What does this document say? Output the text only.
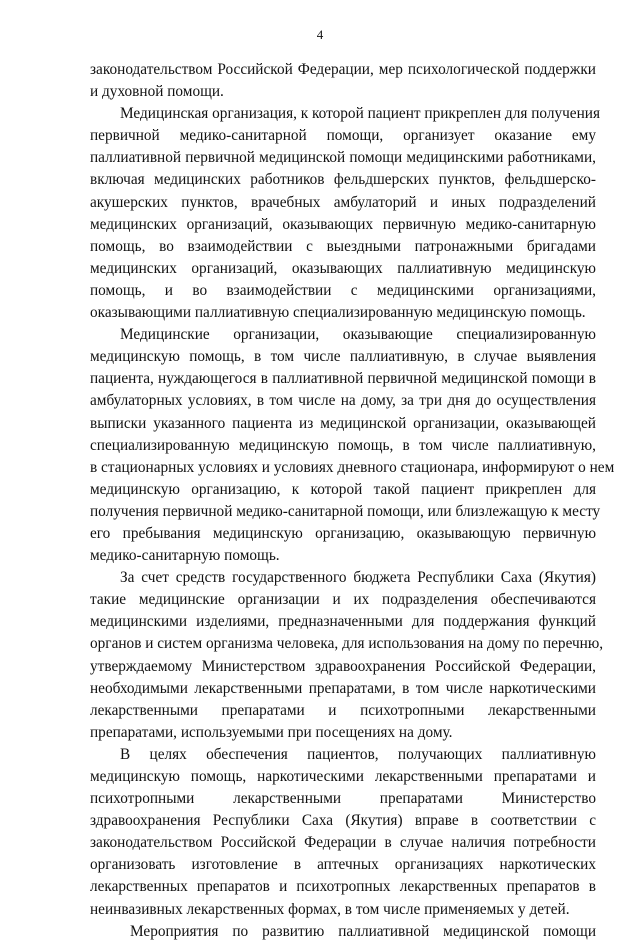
4
законодательством Российской Федерации, мер психологической поддержки
и духовной помощи.
Медицинская организация, к которой пациент прикреплен для получения
первичной медико-санитарной помощи, организует оказание ему
паллиативной первичной медицинской помощи медицинскими работниками,
включая медицинских работников фельдшерских пунктов, фельдшерско-
акушерских пунктов, врачебных амбулаторий и иных подразделений
медицинских организаций, оказывающих первичную медико-санитарную
помощь, во взаимодействии с выездными патронажными бригадами
медицинских организаций, оказывающих паллиативную медицинскую
помощь, и во взаимодействии с медицинскими организациями,
оказывающими паллиативную специализированную медицинскую помощь.
Медицинские организации, оказывающие специализированную
медицинскую помощь, в том числе паллиативную, в случае выявления
пациента, нуждающегося в паллиативной первичной медицинской помощи в
амбулаторных условиях, в том числе на дому, за три дня до осуществления
выписки указанного пациента из медицинской организации, оказывающей
специализированную медицинскую помощь, в том числе паллиативную,
в стационарных условиях и условиях дневного стационара, информируют о нем
медицинскую организацию, к которой такой пациент прикреплен для
получения первичной медико-санитарной помощи, или близлежащую к месту
его пребывания медицинскую организацию, оказывающую первичную
медико-санитарную помощь.
За счет средств государственного бюджета Республики Саха (Якутия)
такие медицинские организации и их подразделения обеспечиваются
медицинскими изделиями, предназначенными для поддержания функций
органов и систем организма человека, для использования на дому по перечню,
утверждаемому Министерством здравоохранения Российской Федерации,
необходимыми лекарственными препаратами, в том числе наркотическими
лекарственными препаратами и психотропными лекарственными
препаратами, используемыми при посещениях на дому.
В целях обеспечения пациентов, получающих паллиативную
медицинскую помощь, наркотическими лекарственными препаратами и
психотропными лекарственными препаратами Министерство
здравоохранения Республики Саха (Якутия) вправе в соответствии с
законодательством Российской Федерации в случае наличия потребности
организовать изготовление в аптечных организациях наркотических
лекарственных препаратов и психотропных лекарственных препаратов в
неинвазивных лекарственных формах, в том числе применяемых у детей.
Мероприятия по развитию паллиативной медицинской помощи
